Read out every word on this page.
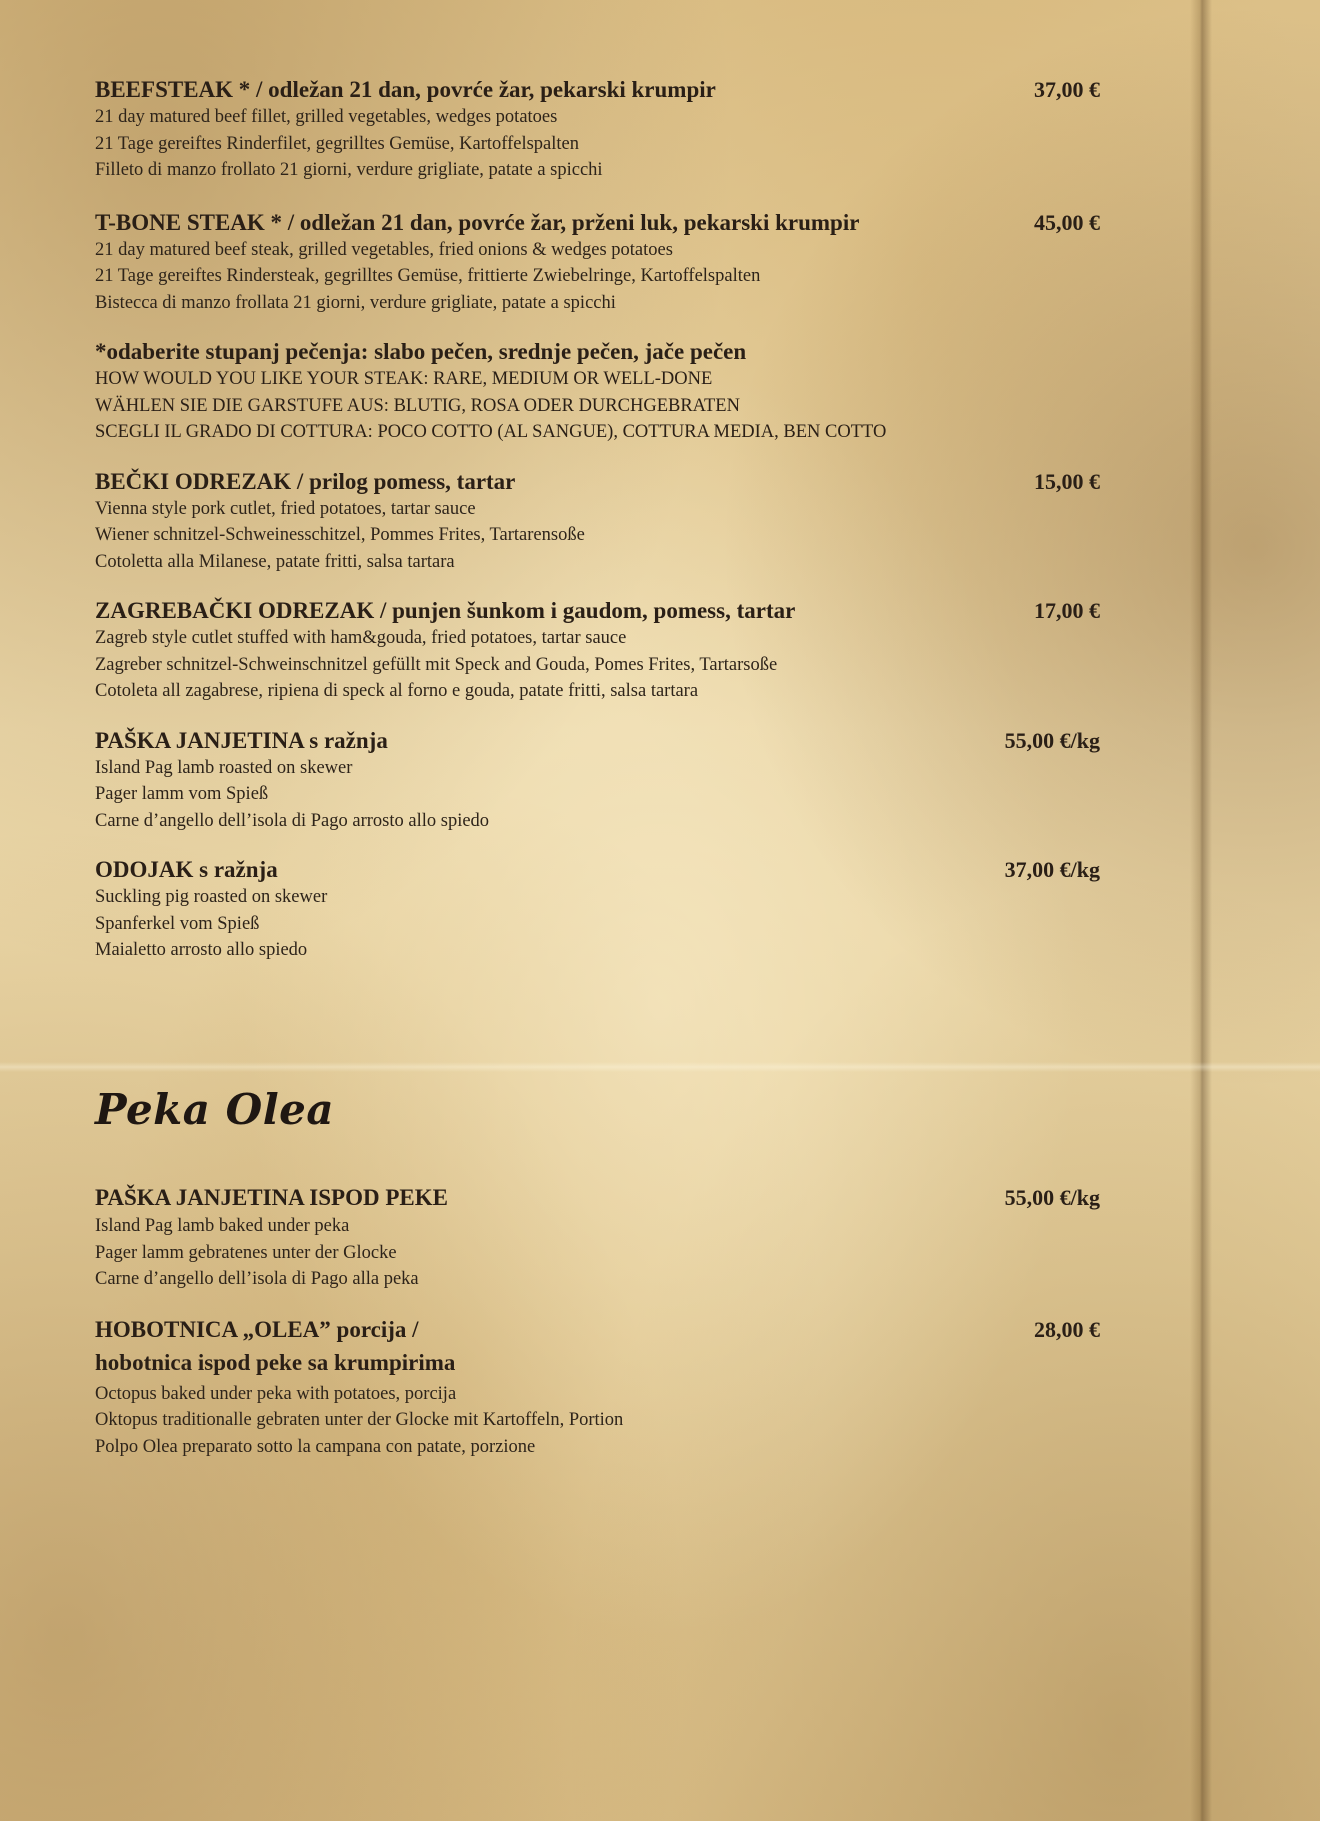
BEEFSTEAK * / odležan 21 dan, povrće žar, pekarski krumpir	37,00 €
21 day matured beef fillet, grilled vegetables, wedges potatoes
21 Tage gereiftes Rinderfilet, gegrilltes Gemüse, Kartoffelspalten
Filleto di manzo frollato 21 giorni, verdure grigliate, patate a spicchi
T-BONE STEAK * / odležan 21 dan, povrće žar, prženi luk, pekarski krumpir	45,00 €
21 day matured beef steak, grilled vegetables, fried onions & wedges potatoes
21 Tage gereiftes Rindersteak, gegrilltes Gemüse, frittierte Zwiebelringe, Kartoffelspalten
Bistecca di manzo frollata 21 giorni, verdure grigliate, patate a spicchi
*odaberite stupanj pečenja: slabo pečen, srednje pečen, jače pečen
HOW WOULD YOU LIKE YOUR STEAK: RARE, MEDIUM OR WELL-DONE
WÄHLEN SIE DIE GARSTUFE AUS: BLUTIG, ROSA ODER DURCHGEBRATEN
SCEGLI IL GRADO DI COTTURA: POCO COTTO (AL SANGUE), COTTURA MEDIA, BEN COTTO
BEČKI ODREZAK / prilog pomess, tartar	15,00 €
Vienna style pork cutlet, fried potatoes, tartar sauce
Wiener schnitzel-Schweinesschitzel, Pommes Frites, Tartarensoße
Cotoletta alla Milanese, patate fritti, salsa tartara
ZAGREBAČKI ODREZAK / punjen šunkom i gaudom, pomess, tartar	17,00 €
Zagreb style cutlet stuffed with ham&gouda, fried potatoes, tartar sauce
Zagreber schnitzel-Schweinschnitzel gefüllt mit Speck and Gouda, Pomes Frites, Tartarsoße
Cotoleta all zagabrese, ripiena di speck al forno e gouda, patate fritti, salsa tartara
PAŠKA JANJETINA s ražnja	55,00 €/kg
Island Pag lamb roasted on skewer
Pager lamm vom Spieß
Carne d’angello dell’isola di Pago arrosto allo spiedo
ODOJAK s ražnja	37,00 €/kg
Suckling pig roasted on skewer
Spanferkel vom Spieß
Maialetto arrosto allo spiedo
Peka Olea
PAŠKA JANJETINA ISPOD PEKE	55,00 €/kg
Island Pag lamb baked under peka
Pager lamm gebratenes unter der Glocke
Carne d’angello dell’isola di Pago alla peka
HOBOTNICA „OLEA” porcija /	28,00 €
hobotnica ispod peke sa krumpirima
Octopus baked under peka with potatoes, porcija
Oktopus traditionalle gebraten unter der Glocke mit Kartoffeln, Portion
Polpo Olea preparato sotto la campana con patate, porzione
